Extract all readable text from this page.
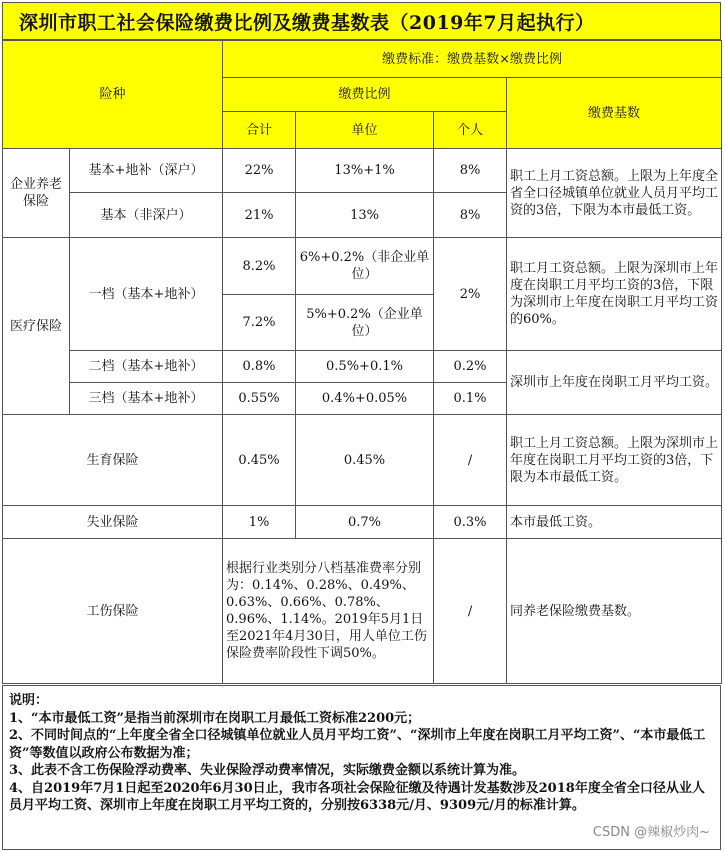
深圳市职工社会保险缴费比例及缴费基数表（2019年7月起执行）
险种		缴费标准：缴费基数×缴费比例			
		缴费比例			缴费基数
		合计	单位	个人	
企业养老保险	基本+地补（深户）	22%	13%+1%	8%	职工上月工资总额。上限为上年度全省全口径城镇单位就业人员月平均工资的3倍，下限为本市最低工资。
	基本（非深户）	21%	13%	8%	
医疗保险	一档（基本+地补）	8.2%	6%+0.2%（非企业单位）	2%	职工月工资总额。上限为深圳市上年度在岗职工月平均工资的3倍，下限为深圳市上年度在岗职工月平均工资的60%。
		7.2%	5%+0.2%（企业单位）		
	二档（基本+地补）	0.8%	0.5%+0.1%	0.2%	深圳市上年度在岗职工月平均工资。
	三档（基本+地补）	0.55%	0.4%+0.05%	0.1%	
生育保险		0.45%	0.45%	/	职工上月工资总额。上限为深圳市上年度在岗职工月平均工资的3倍，下限为本市最低工资。
失业保险		1%	0.7%	0.3%	本市最低工资。
工伤保险		根据行业类别分八档基准费率分别为：0.14%、0.28%、0.49%、0.63%、0.66%、0.78%、0.96%、1.14%。2019年5月1日至2021年4月30日，用人单位工伤保险费率阶段性下调50%。		/	同养老保险缴费基数。
说明：
1、“本市最低工资”是指当前深圳市在岗职工月最低工资标准2200元；
2、不同时间点的“上年度全省全口径城镇单位就业人员月平均工资”、“深圳市上年度在岗职工月平均工资”、“本市最低工资”等数值以政府公布数据为准；
3、此表不含工伤保险浮动费率、失业保险浮动费率情况，实际缴费金额以系统计算为准。
4、自2019年7月1日起至2020年6月30日止，我市各项社会保险征缴及待遇计发基数涉及2018年度全省全口径从业人员月平均工资、深圳市上年度在岗职工月平均工资的，分别按6338元/月、9309元/月的标准计算。
CSDN @辣椒炒肉~
